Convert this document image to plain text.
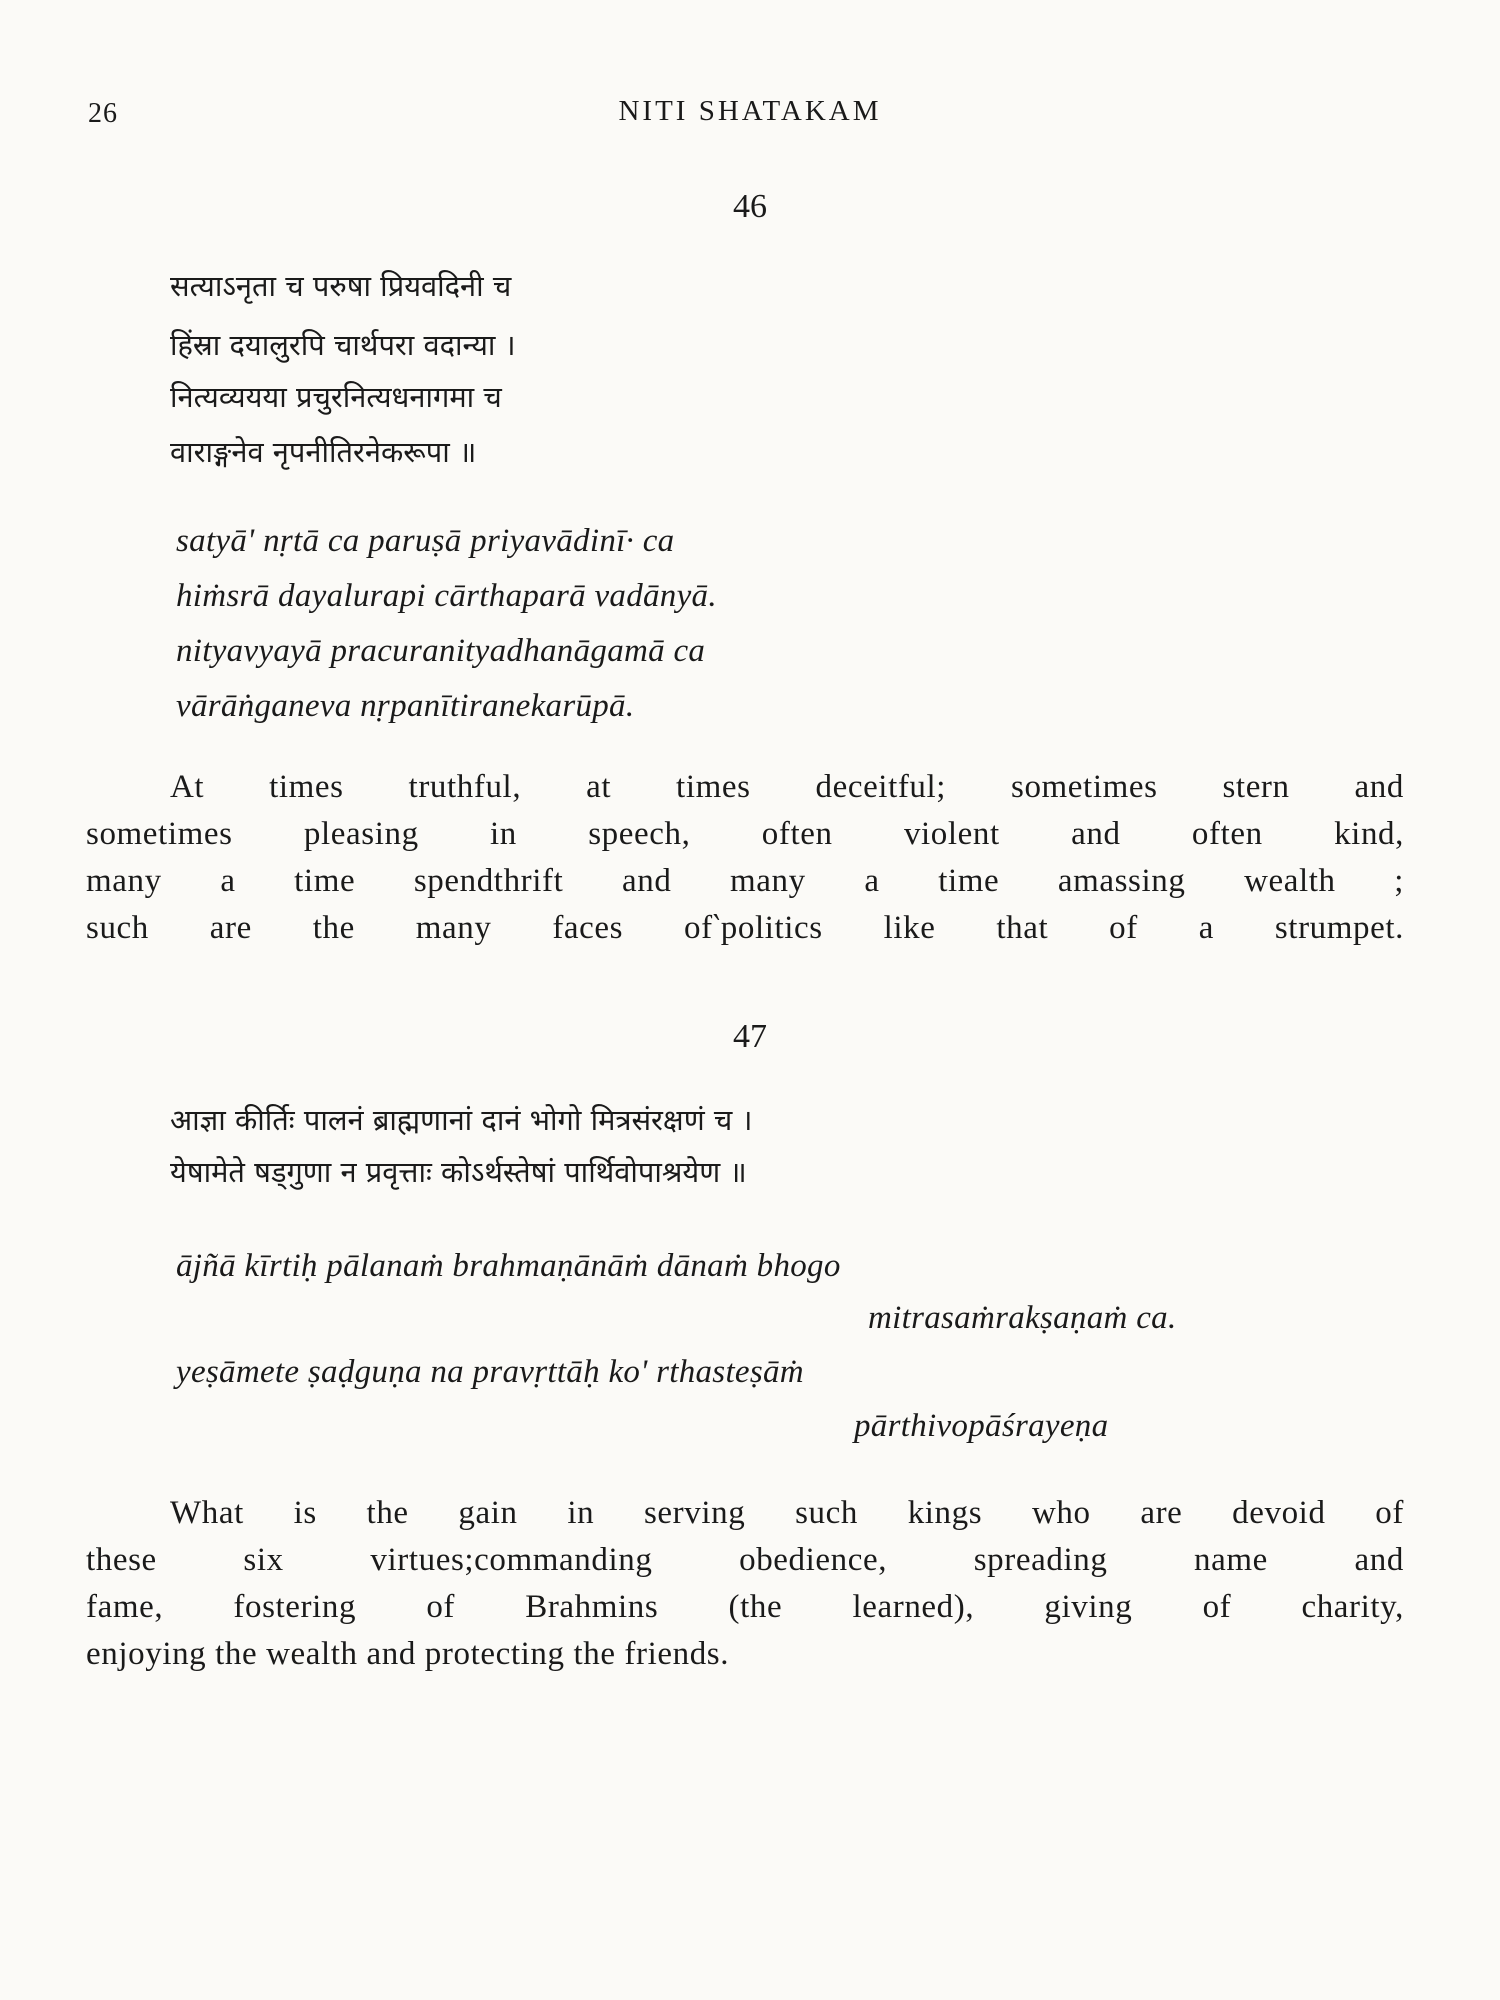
26	NITI SHATAKAM
46
सत्याऽनृता च परुषा प्रियवदिनी च
हिंस्रा दयालुरपि चार्थपरा वदान्या ।
नित्यव्ययया प्रचुरनित्यधनागमा च
वाराङ्गनेव नृपनीतिरनेकरूपा ॥
satyā' nṛtā ca paruṣā priyavādinī· ca
hiṁsrā dayalurapi cārthaparā vadānyā.
nityavyayā pracuranityadhanāgamā ca
vārāṅganeva nṛpanītiranekarūpā.
At times truthful, at times deceitful; sometimes stern and
sometimes pleasing in speech, often violent and often kind,
many a time spendthrift and many a time amassing wealth ;
such are the many faces of‵politics like that of a strumpet.
47
आज्ञा कीर्तिः पालनं ब्राह्मणानां दानं भोगो मित्रसंरक्षणं च ।
येषामेते षड्गुणा न प्रवृत्ताः कोऽर्थस्तेषां पार्थिवोपाश्रयेण ॥
ājñā kīrtiḥ pālanaṁ brahmaṇānāṁ dānaṁ bhogo
mitrasaṁrakṣaṇaṁ ca.
yeṣāmete ṣaḍguṇa na pravṛttāḥ ko' rthasteṣāṁ
pārthivopāśrayeṇa
What is the gain in serving such kings who are devoid of
these six virtues;commanding obedience, spreading name and
fame, fostering of Brahmins (the learned), giving of charity,
enjoying the wealth and protecting the friends.
